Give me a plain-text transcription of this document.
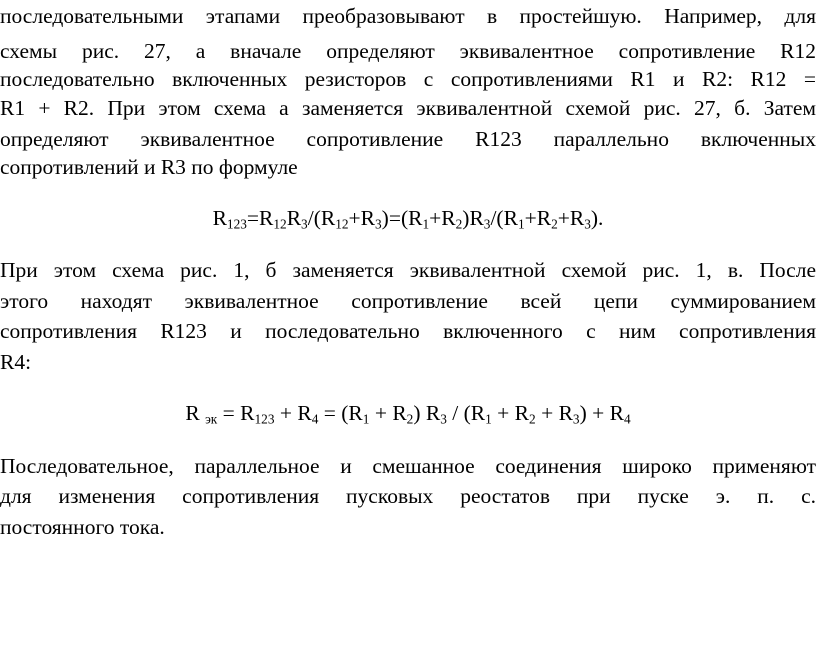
последовательными этапами преобразовывают в простейшую. Например, для
схемы рис. 27, а вначале определяют эквивалентное сопротивление R12
последовательно включенных резисторов с сопротивлениями R1 и R2: R12 =
R1 + R2. При этом схема а заменяется эквивалентной схемой рис. 27, б. Затем
определяют эквивалентное сопротивление R123 параллельно включенных
сопротивлений и R3 по формуле
$R_{123}=R_{12}R_3/(R_{12}+R_3)=(R_1+R_2)R_3/(R_1+R_2+R_3)$.
При этом схема рис. 1, б заменяется эквивалентной схемой рис. 1, в. После
этого находят эквивалентное сопротивление всей цепи суммированием
сопротивления R123 и последовательно включенного с ним сопротивления
R4:
R $_{эк} = R_{123} + R_4 = (R_1 + R_2)$ $R_3 / (R_1 + R_2 + R_3) + R_4$
Последовательное, параллельное и смешанное соединения широко применяют
для изменения сопротивления пусковых реостатов при пуске э. п. с.
постоянного тока.
